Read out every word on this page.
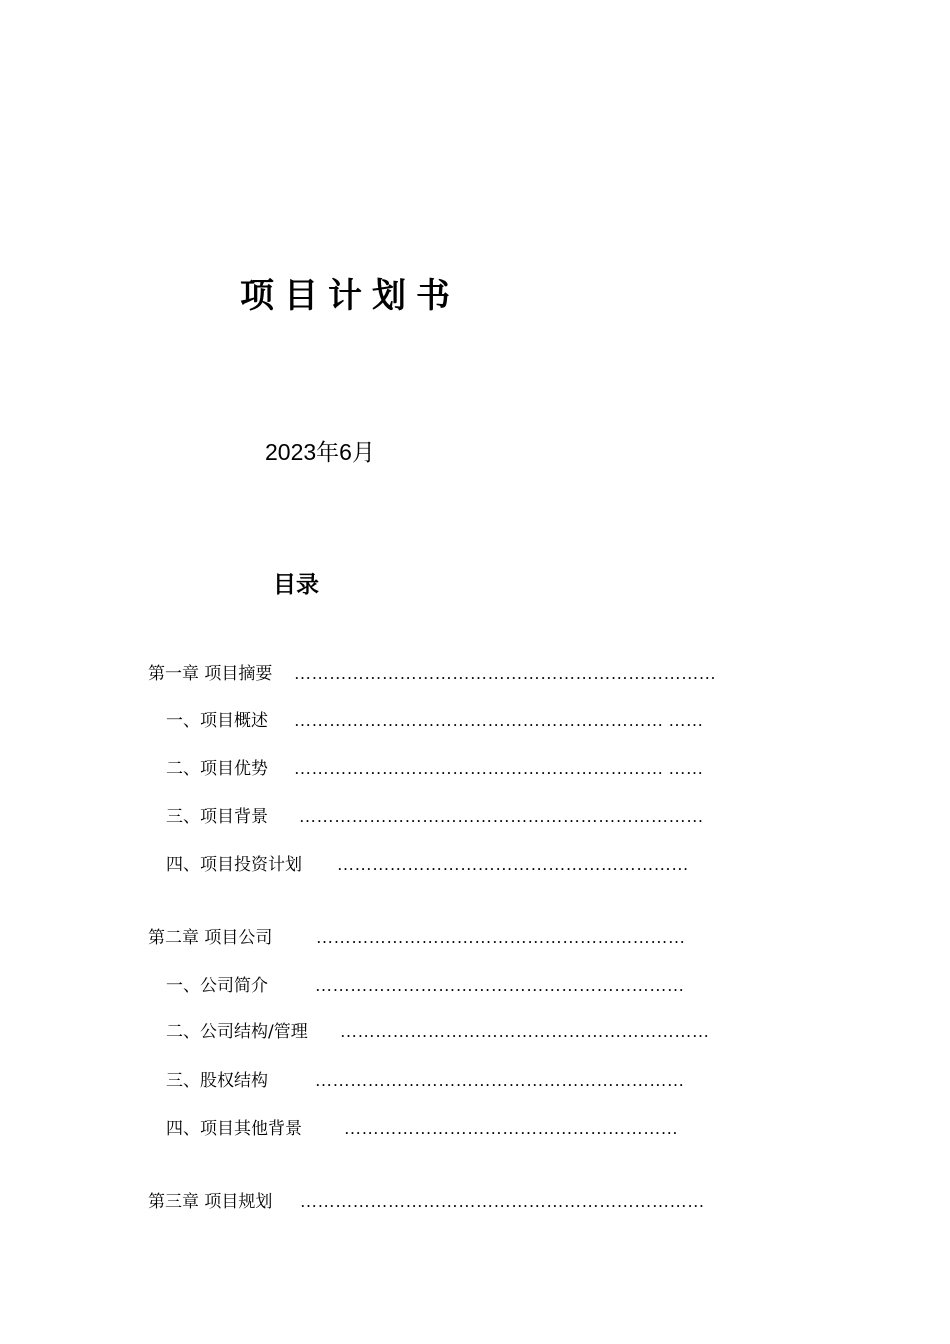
项目计划书
2023年6月
目录
第一章 项目摘要 ………………………………………………………………
一、项目概述 ……………………………………………………… ……
二、项目优势 ……………………………………………………… ……
三、项目背景 ……………………………………………………………
四、项目投资计划 ……………………………………………………
第二章 项目公司	………………………………………………………
一、公司简介	………………………………………………………
二、公司结构/管理 ………………………………………………………
三、股权结构	………………………………………………………
四、项目其他背景 …………………………………………………
第三章 项目规划 ……………………………………………………………
